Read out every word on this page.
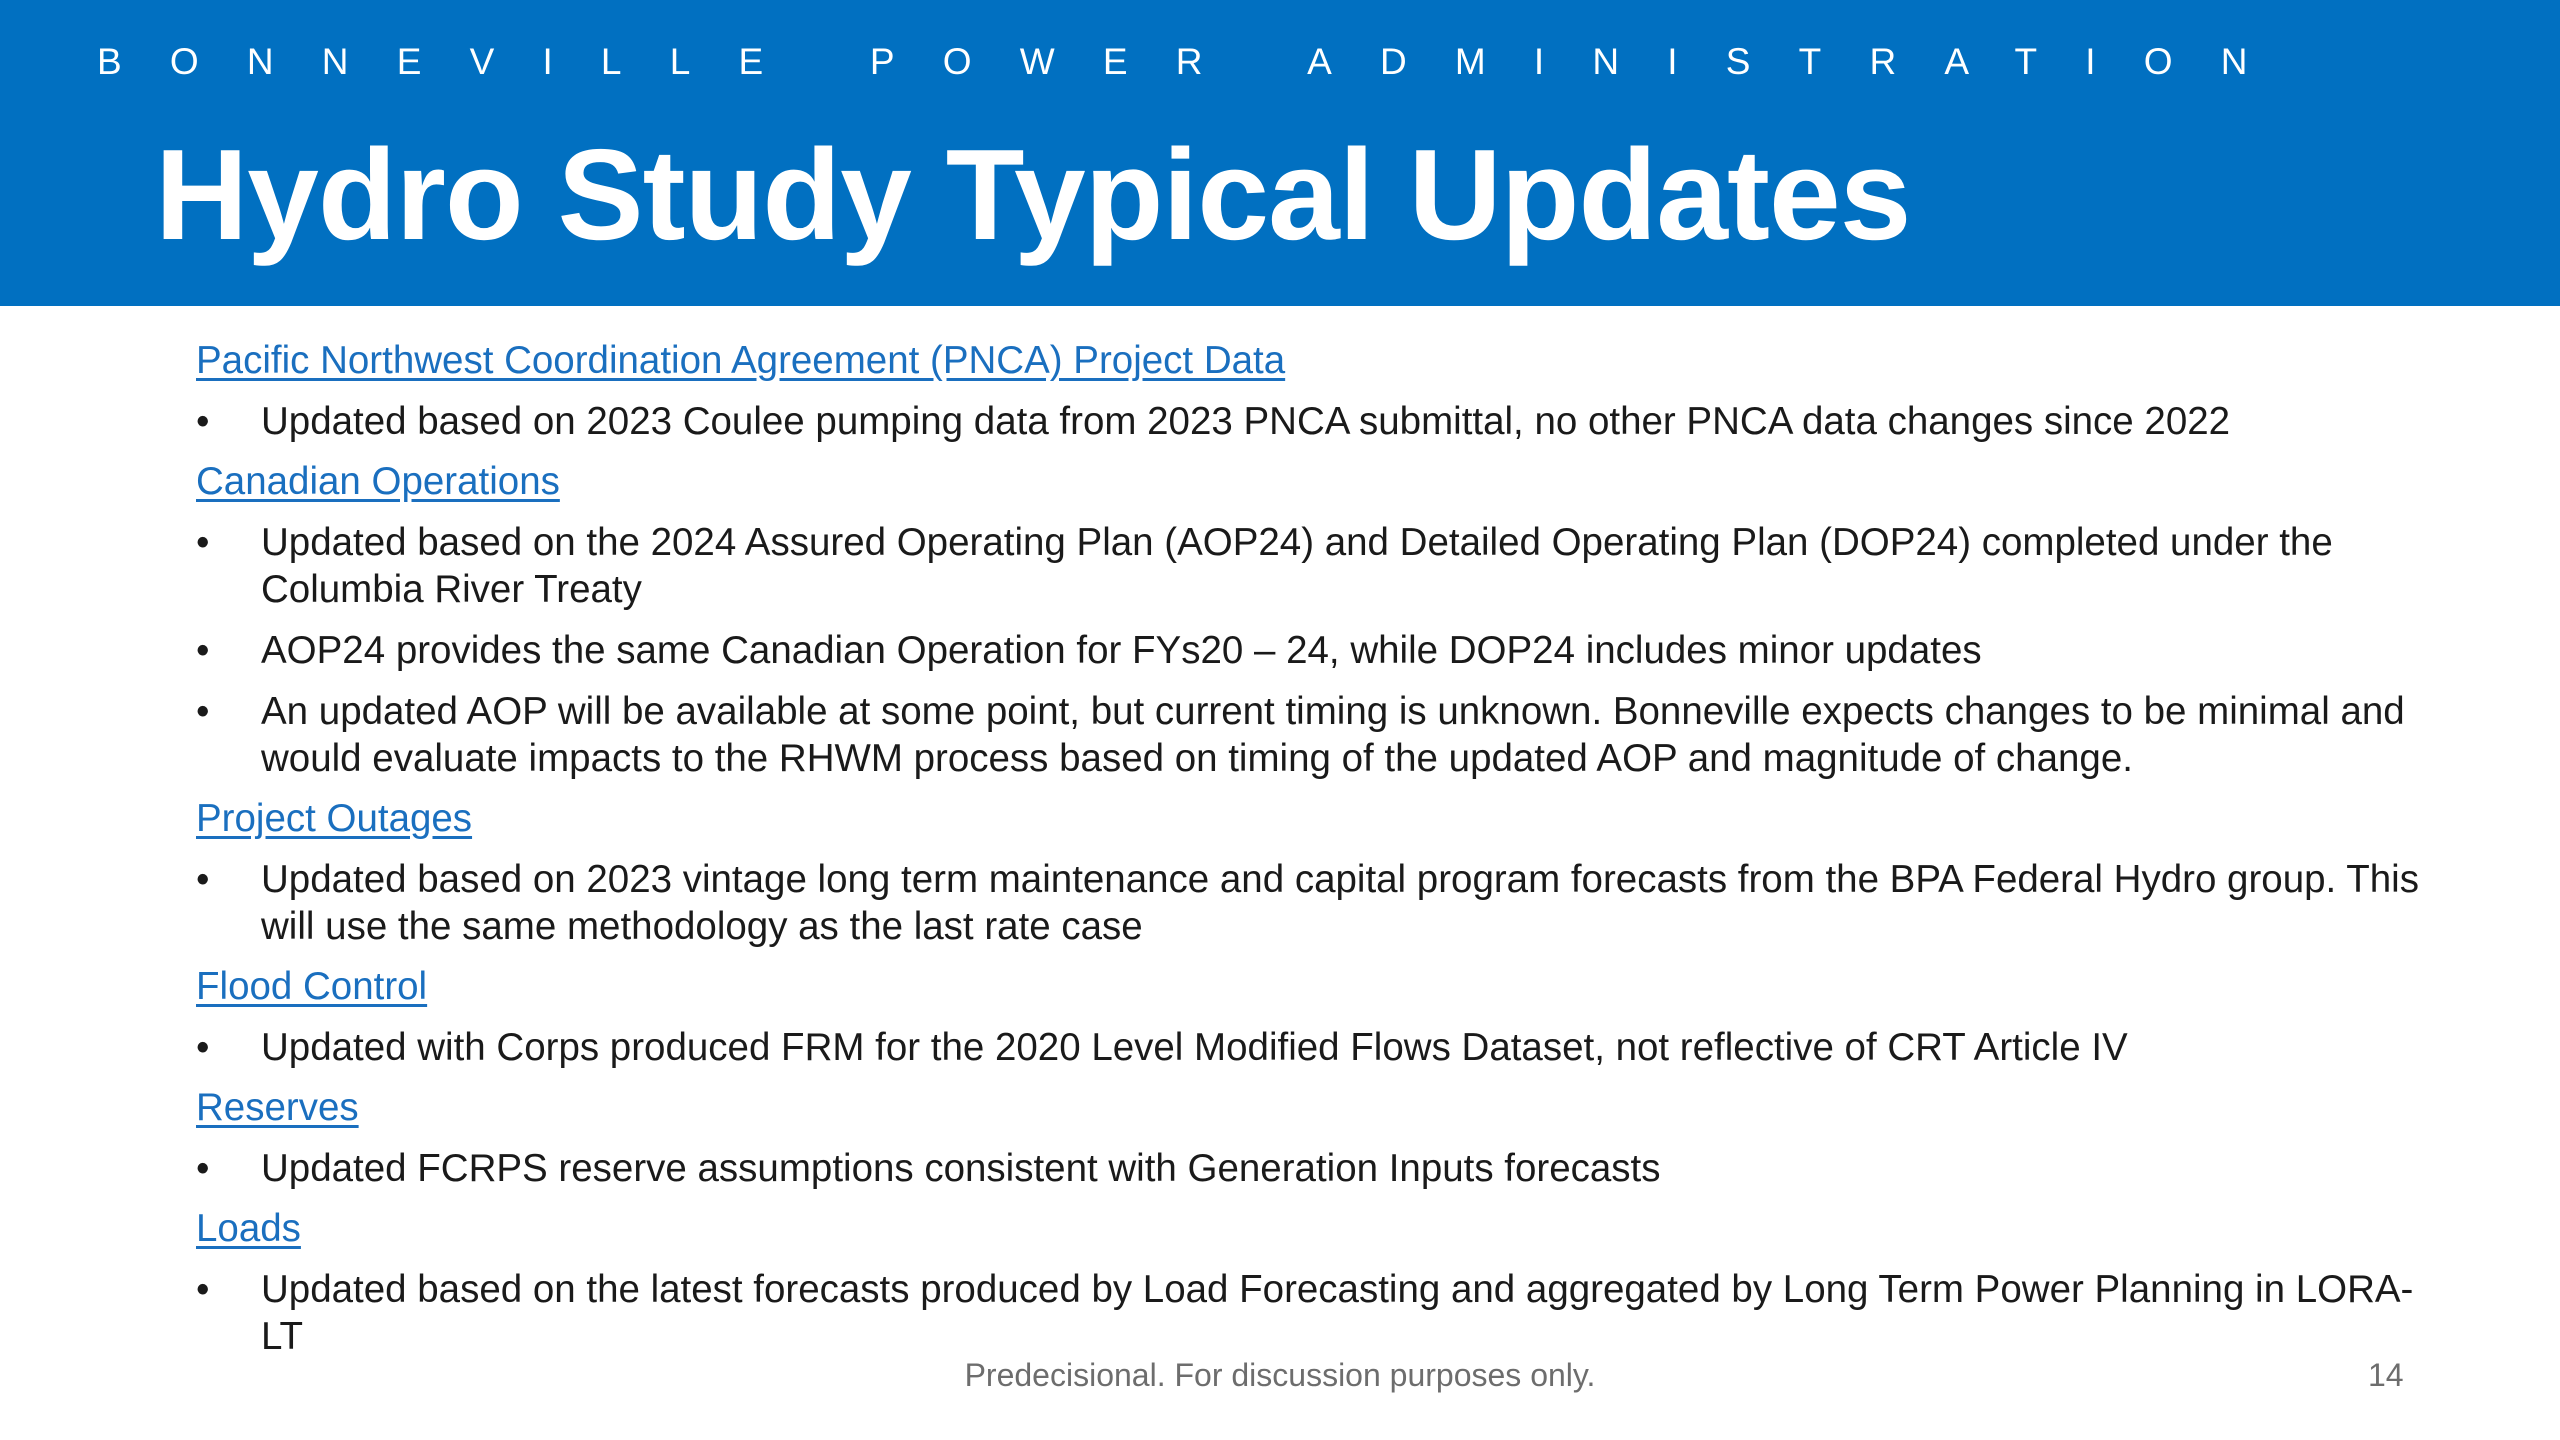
BONNEVILLE POWER ADMINISTRATION
Hydro Study Typical Updates
Pacific Northwest Coordination Agreement (PNCA) Project Data
• Updated based on 2023 Coulee pumping data from 2023 PNCA submittal, no other PNCA data changes since 2022
Canadian Operations
• Updated based on the 2024 Assured Operating Plan (AOP24) and Detailed Operating Plan (DOP24) completed under the Columbia River Treaty
• AOP24 provides the same Canadian Operation for FYs20 – 24, while DOP24 includes minor updates
• An updated AOP will be available at some point, but current timing is unknown. Bonneville expects changes to be minimal and would evaluate impacts to the RHWM process based on timing of the updated AOP and magnitude of change.
Project Outages
• Updated based on 2023 vintage long term maintenance and capital program forecasts from the BPA Federal Hydro group. This will use the same methodology as the last rate case
Flood Control
• Updated with Corps produced FRM for the 2020 Level Modified Flows Dataset, not reflective of CRT Article IV
Reserves
• Updated FCRPS reserve assumptions consistent with Generation Inputs forecasts
Loads
• Updated based on the latest forecasts produced by Load Forecasting and aggregated by Long Term Power Planning in LORA-LT
Predecisional. For discussion purposes only.	14
